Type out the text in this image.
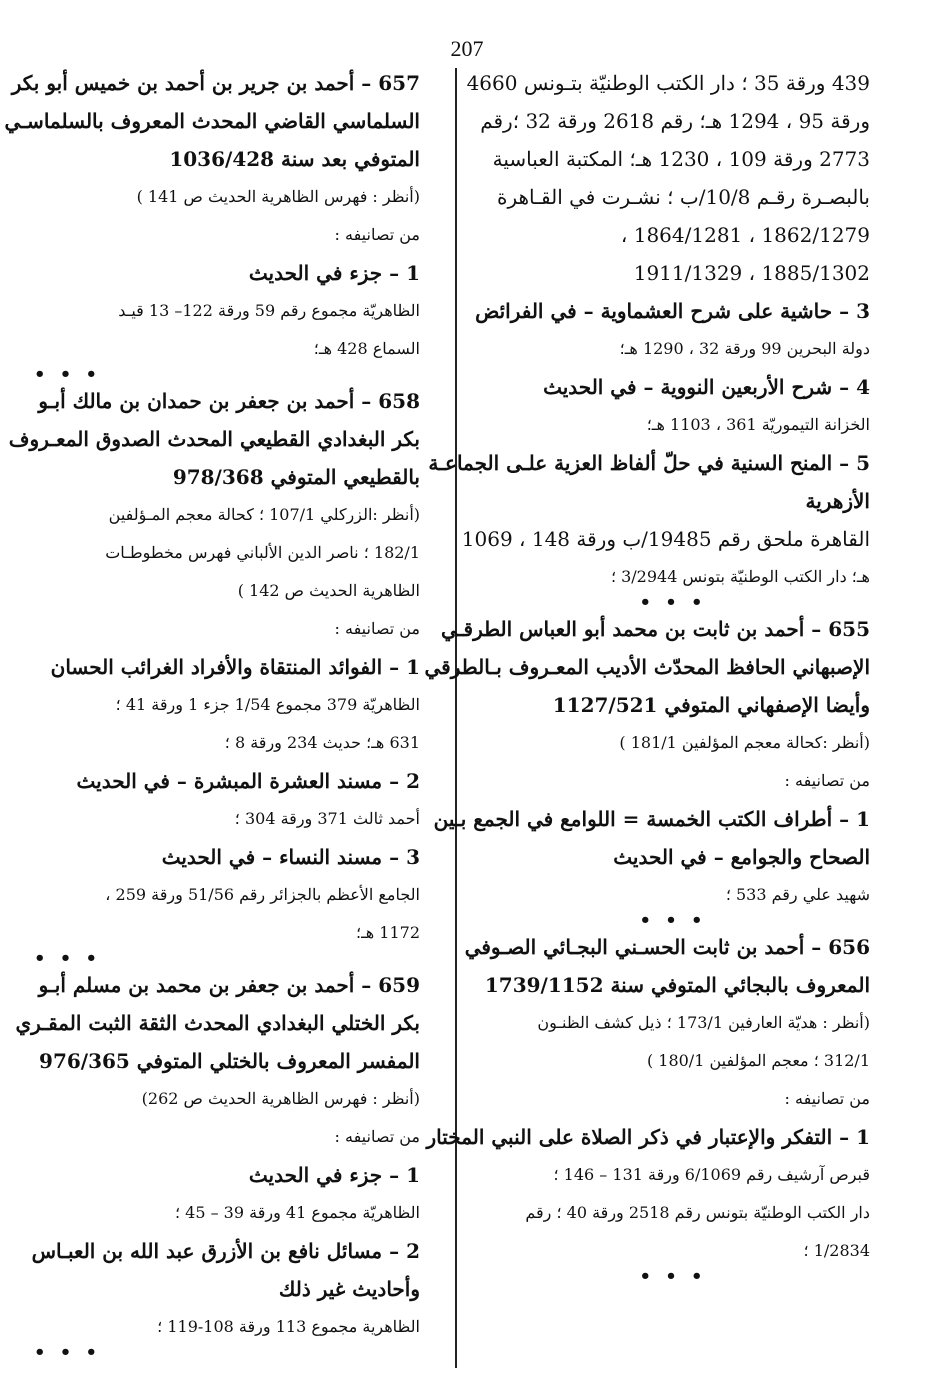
207
439 ورقة 35 ؛ دار الكتب الوطنيّة بتـونس 4660
ورقة 95 ، 1294 هـ؛ رقم 2618 ورقة 32 ؛رقم
2773 ورقة 109 ، 1230 هـ؛ المكتبة العباسية
بالبصـرة رقـم 10/8/ب ؛ نشـرت في القـاهرة
1862/1279 ، 1864/1281 ،
1885/1302 ، 1911/1329
3 – حاشية على شرح العشماوية – في الفرائض
دولة البحرين 99 ورقة 32 ، 1290 هـ؛
4 – شرح الأربعين النووية – في الحديث
الخزانة التيموريّة 361 ، 1103 هـ؛
5 – المنح السنية في حلّ ألفاظ العزية علـى الجماعـة
الأزهرية
القاهرة ملحق رقم 19485/ب ورقة 148 ، 1069
هـ؛ دار الكتب الوطنيّة بتونس 3/2944 ؛
• • •
655 – أحمد بن ثابت بن محمد أبو العباس الطرقـي
الإصبهاني الحافظ المحدّث الأديب المعـروف بـالطرقي
وأيضا الإصفهاني المتوفي 1127/521
(أنظر :كحالة معجم المؤلفين 181/1 )
من تصانيفه :
1 – أطراف الكتب الخمسة = اللوامع في الجمع بـين
الصحاح والجوامع – في الحديث
شهيد علي رقم 533 ؛
• • •
656 – أحمد بن ثابت الحسـني البجـائي الصـوفي
المعروف بالبجائي المتوفي سنة 1739/1152
(أنظر : هديّة العارفين 173/1 ؛ ذيل كشف الظنـون
312/1 ؛ معجم المؤلفين 180/1 )
من تصانيفه :
1 – التفكر والإعتبار في ذكر الصلاة على النبي المختار
قبرص آرشيف رقم 6/1069 ورقة 131 – 146 ؛
دار الكتب الوطنيّة بتونس رقم 2518 ورقة 40 ؛ رقم
1/2834 ؛
• • •
657 – أحمد بن جرير بن أحمد بن خميس أبو بكر
السلماسي القاضي المحدث المعروف بالسلماسـي
المتوفي بعد سنة 1036/428
(أنظر : فهرس الظاهرية الحديث ص 141 )
من تصانيفه :
1 – جزء في الحديث
الظاهريّة مجموع رقم 59 ورقة 122– 13 قيـد
السماع 428 هـ؛
• • •
658 – أحمد بن جعفر بن حمدان بن مالك أبـو
بكر البغدادي القطيعي المحدث الصدوق المعـروف
بالقطيعي المتوفي 978/368
(أنظر :الزركلي 107/1 ؛ كحالة معجم المـؤلفين
182/1 ؛ ناصر الدين الألباني فهرس مخطوطـات
الظاهرية الحديث ص 142 )
من تصانيفه :
1 – الفوائد المنتقاة والأفراد الغرائب الحسان
الظاهريّة 379 مجموع 1/54 جزء 1 ورقة 41 ؛
631 هـ؛ حديث 234 ورقة 8 ؛
2 – مسند العشرة المبشرة – في الحديث
أحمد ثالث 371 ورقة 304 ؛
3 – مسند النساء – في الحديث
الجامع الأعظم بالجزائر رقم 51/56 ورقة 259 ،
1172 هـ؛
• • •
659 – أحمد بن جعفر بن محمد بن مسلم أبـو
بكر الختلي البغدادي المحدث الثقة الثبت المقـري
المفسر المعروف بالختلي المتوفي 976/365
(أنظر : فهرس الظاهرية الحديث ص 262)
من تصانيفه :
1 – جزء في الحديث
الظاهريّة مجموع 41 ورقة 39 – 45 ؛
2 – مسائل نافع بن الأزرق عبد الله بن العبـاس
وأحاديث غير ذلك
الظاهرية مجموع 113 ورقة 108-119 ؛
• • •
